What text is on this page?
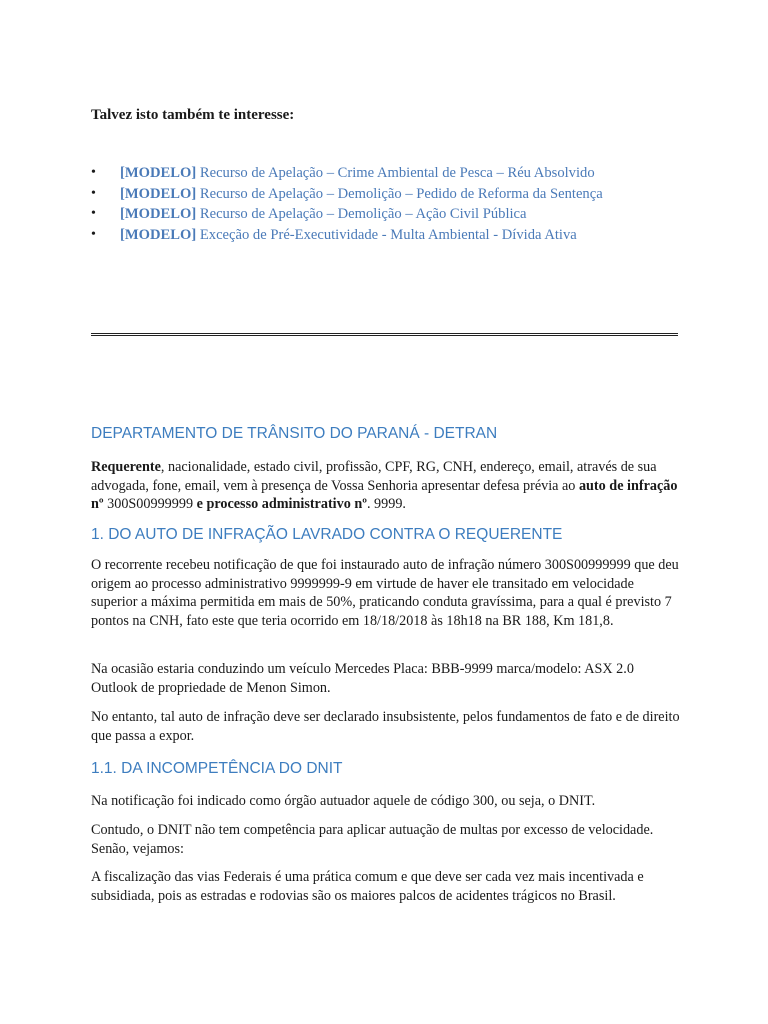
Talvez isto também te interesse:

• [MODELO] Recurso de Apelação – Crime Ambiental de Pesca – Réu Absolvido
• [MODELO] Recurso de Apelação – Demolição – Pedido de Reforma da Sentença
• [MODELO] Recurso de Apelação – Demolição – Ação Civil Pública
• [MODELO] Exceção de Pré-Executividade - Multa Ambiental - Dívida Ativa
DEPARTAMENTO DE TRÂNSITO DO PARANÁ - DETRAN

Requerente, nacionalidade, estado civil, profissão, CPF, RG, CNH, endereço, email, através de sua advogada, fone, email, vem à presença de Vossa Senhoria apresentar defesa prévia ao auto de infração nº 300S00999999 e processo administrativo nº. 9999.

1. DO AUTO DE INFRAÇÃO LAVRADO CONTRA O REQUERENTE

O recorrente recebeu notificação de que foi instaurado auto de infração número 300S00999999 que deu origem ao processo administrativo 9999999-9 em virtude de haver ele transitado em velocidade superior a máxima permitida em mais de 50%, praticando conduta gravíssima, para a qual é previsto 7 pontos na CNH, fato este que teria ocorrido em 18/18/2018 às 18h18 na BR 188, Km 181,8.

Na ocasião estaria conduzindo um veículo Mercedes Placa: BBB-9999 marca/modelo: ASX 2.0 Outlook de propriedade de Menon Simon.

No entanto, tal auto de infração deve ser declarado insubsistente, pelos fundamentos de fato e de direito que passa a expor.

1.1. DA INCOMPETÊNCIA DO DNIT

Na notificação foi indicado como órgão autuador aquele de código 300, ou seja, o DNIT.

Contudo, o DNIT não tem competência para aplicar autuação de multas por excesso de velocidade. Senão, vejamos:

A fiscalização das vias Federais é uma prática comum e que deve ser cada vez mais incentivada e subsidiada, pois as estradas e rodovias são os maiores palcos de acidentes trágicos no Brasil.
